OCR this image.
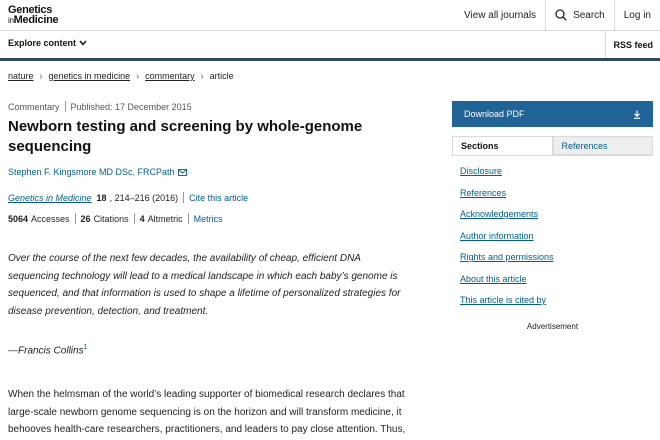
Genetics
inMedicine	View all journals	Search Log in
Explore content	RSS feed
nature › genetics in medicine › commentary › article
Commentary Published: 17 December 2015
Newborn testing and screening by whole-genome sequencing
Stephen F. Kingsmore MD DSc, FRCPath
Genetics in Medicine 18 , 214–216 (2016) Cite this article
5064 Accesses 26 Citations 4 Altmetric Metrics

Over the course of the next few decades, the availability of cheap, efficient DNA sequencing technology will lead to a medical landscape in which each baby’s genome is sequenced, and that information is used to shape a lifetime of personalized strategies for disease prevention, detection, and treatment.

—Francis Collins$^1$

When the helmsman of the world’s leading supporter of biomedical research declares that large-scale newborn genome sequencing is on the horizon and will transform medicine, it behooves health-care researchers, practitioners, and leaders to pay close attention. Thus,

Download PDF
Sections	References
Disclosure
References
Acknowledgements
Author information
Rights and permissions
About this article
This article is cited by
Advertisement
